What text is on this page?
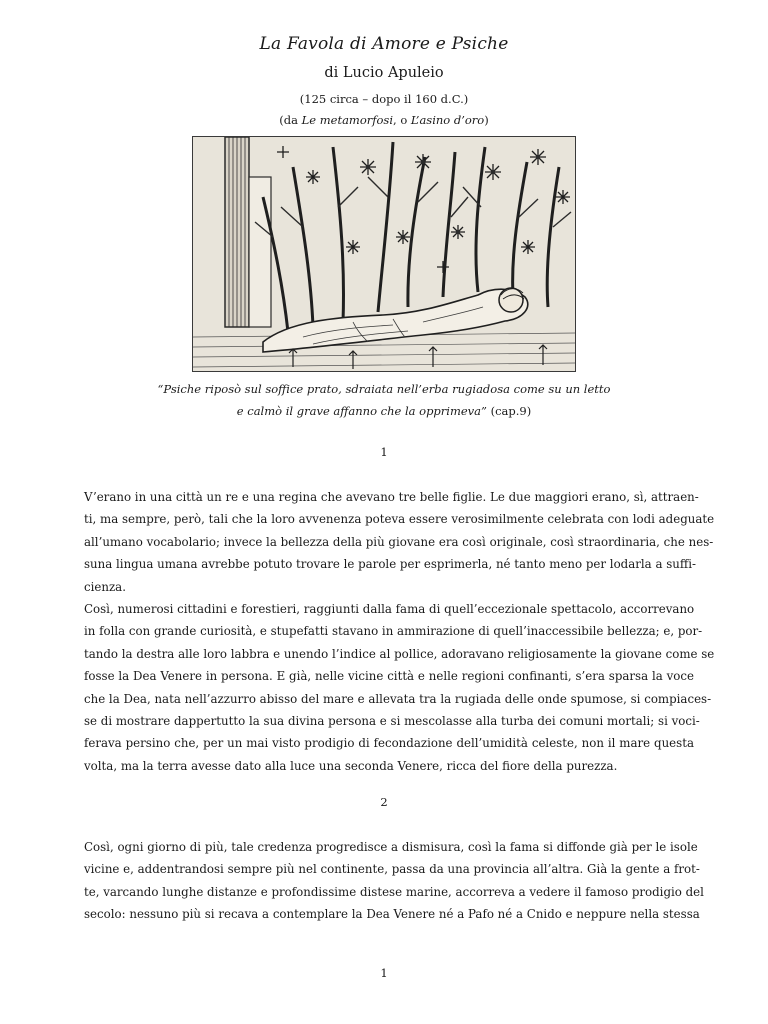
La Favola di Amore e Psiche
di Lucio Apuleio
(125 circa – dopo il 160 d.C.)
(da Le metamorfosi, o L’asino d’oro)
“Psiche riposò sul soffice prato, sdraiata nell’erba rugiadosa come su un letto
e calmò il grave affanno che la opprimeva” (cap.9)
1

V’erano in una città un re e una regina che avevano tre belle figlie. Le due maggiori erano, sì, attraen-
ti, ma sempre, però, tali che la loro avvenenza poteva essere verosimilmente celebrata con lodi adeguate
all’umano vocabolario; invece la bellezza della più giovane era così originale, così straordinaria, che nes-
suna lingua umana avrebbe potuto trovare le parole per esprimerla, né tanto meno per lodarla a suffi-
cienza.

Così, numerosi cittadini e forestieri, raggiunti dalla fama di quell’eccezionale spettacolo, accorrevano
in folla con grande curiosità, e stupefatti stavano in ammirazione di quell’inaccessibile bellezza; e, por-
tando la destra alle loro labbra e unendo l’indice al pollice, adoravano religiosamente la giovane come se
fosse la Dea Venere in persona. E già, nelle vicine città e nelle regioni confinanti, s’era sparsa la voce
che la Dea, nata nell’azzurro abisso del mare e allevata tra la rugiada delle onde spumose, si compiaces-
se di mostrare dappertutto la sua divina persona e si mescolasse alla turba dei comuni mortali; si voci-
ferava persino che, per un mai visto prodigio di fecondazione dell’umidità celeste, non il mare questa
volta, ma la terra avesse dato alla luce una seconda Venere, ricca del fiore della purezza.

2

Così, ogni giorno di più, tale credenza progredisce a dismisura, così la fama si diffonde già per le isole
vicine e, addentrandosi sempre più nel continente, passa da una provincia all’altra. Già la gente a frot-
te, varcando lunghe distanze e profondissime distese marine, accorreva a vedere il famoso prodigio del
secolo: nessuno più si recava a contemplare la Dea Venere né a Pafo né a Cnido e neppure nella stessa

1
